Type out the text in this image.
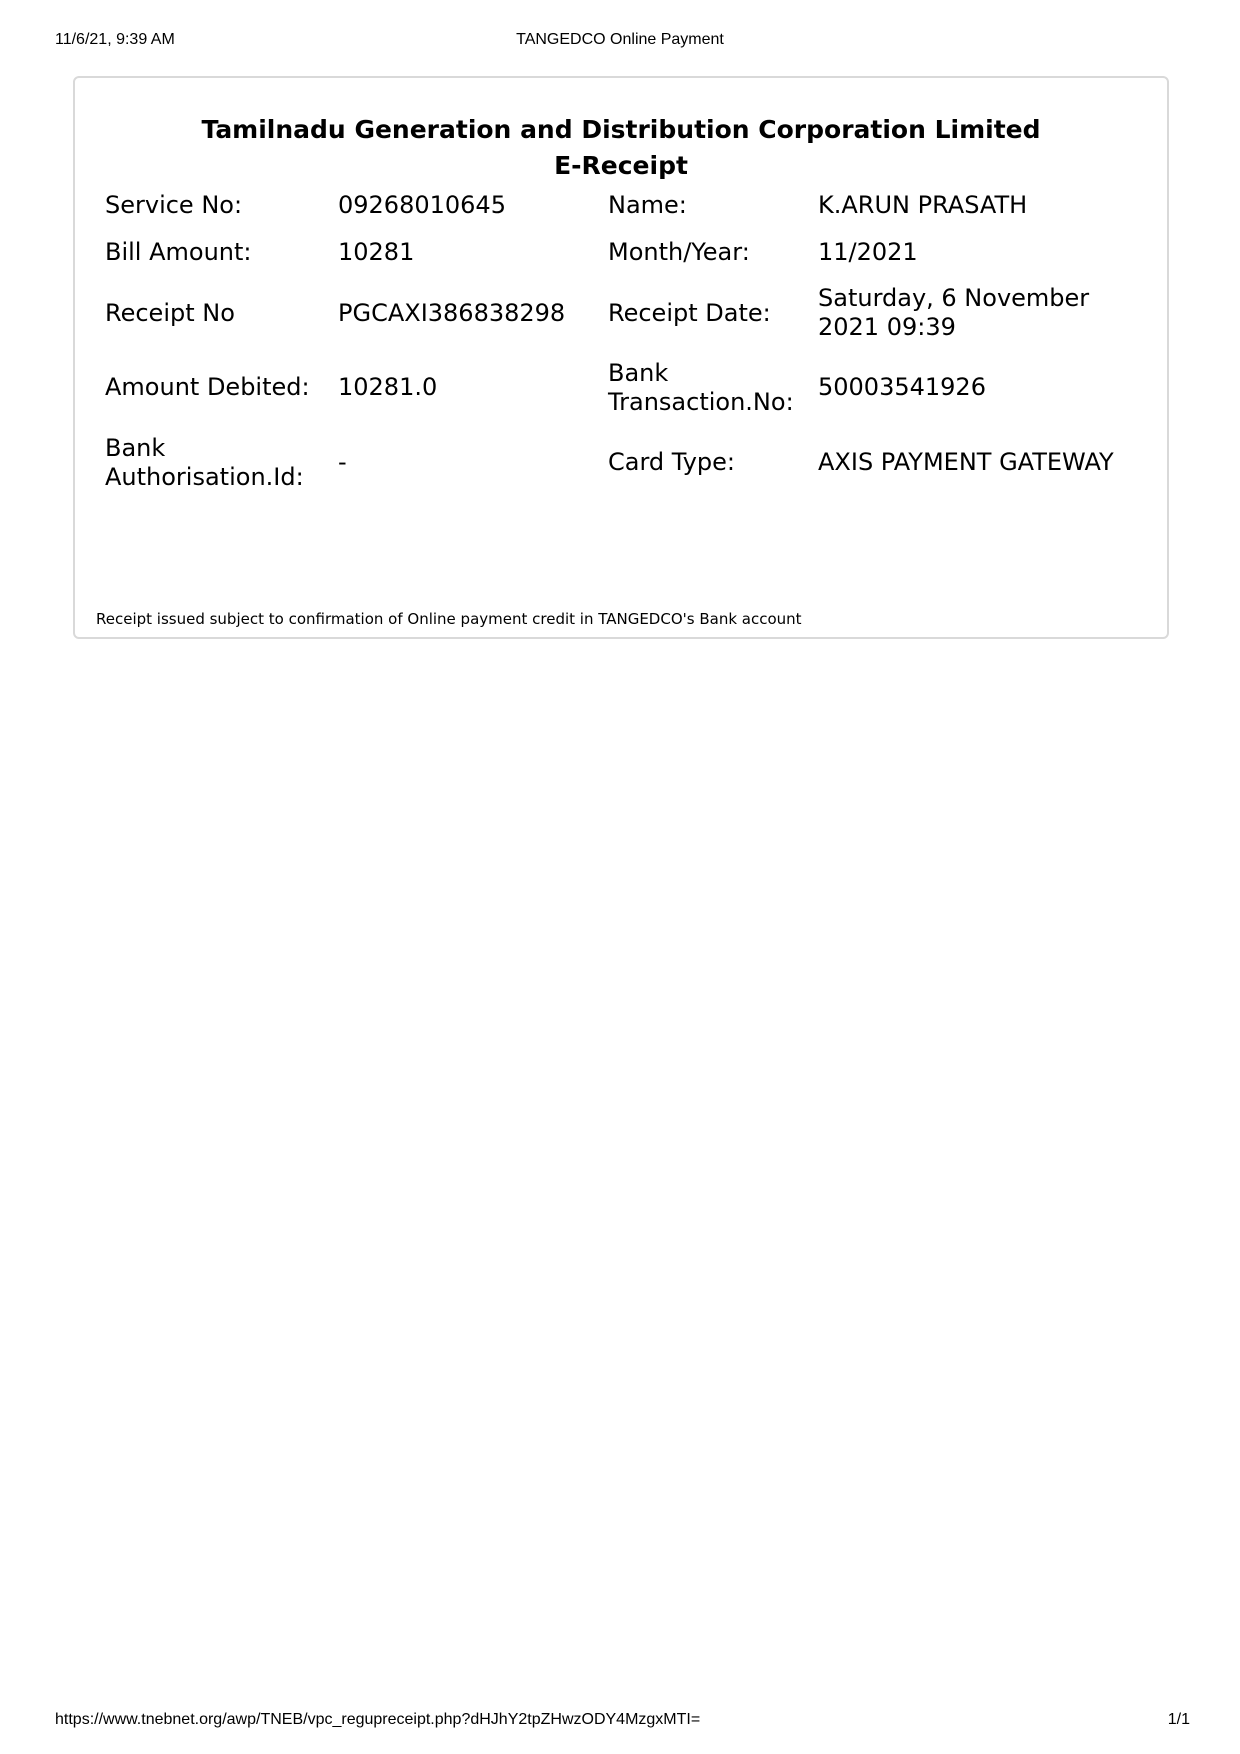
11/6/21, 9:39 AM	TANGEDCO Online Payment
Tamilnadu Generation and Distribution Corporation Limited
E-Receipt
Service No:	09268010645	Name:	K.ARUN PRASATH
Bill Amount:	10281	Month/Year:	11/2021
Receipt No	PGCAXI386838298	Receipt Date:	Saturday, 6 November 2021 09:39
Amount Debited:	10281.0	Bank Transaction.No:	50003541926
Bank Authorisation.Id:	-	Card Type:	AXIS PAYMENT GATEWAY
Receipt issued subject to confirmation of Online payment credit in TANGEDCO's Bank account
https://www.tnebnet.org/awp/TNEB/vpc_regupreceipt.php?dHJhY2tpZHwzODY4MzgxMTI=	1/1
